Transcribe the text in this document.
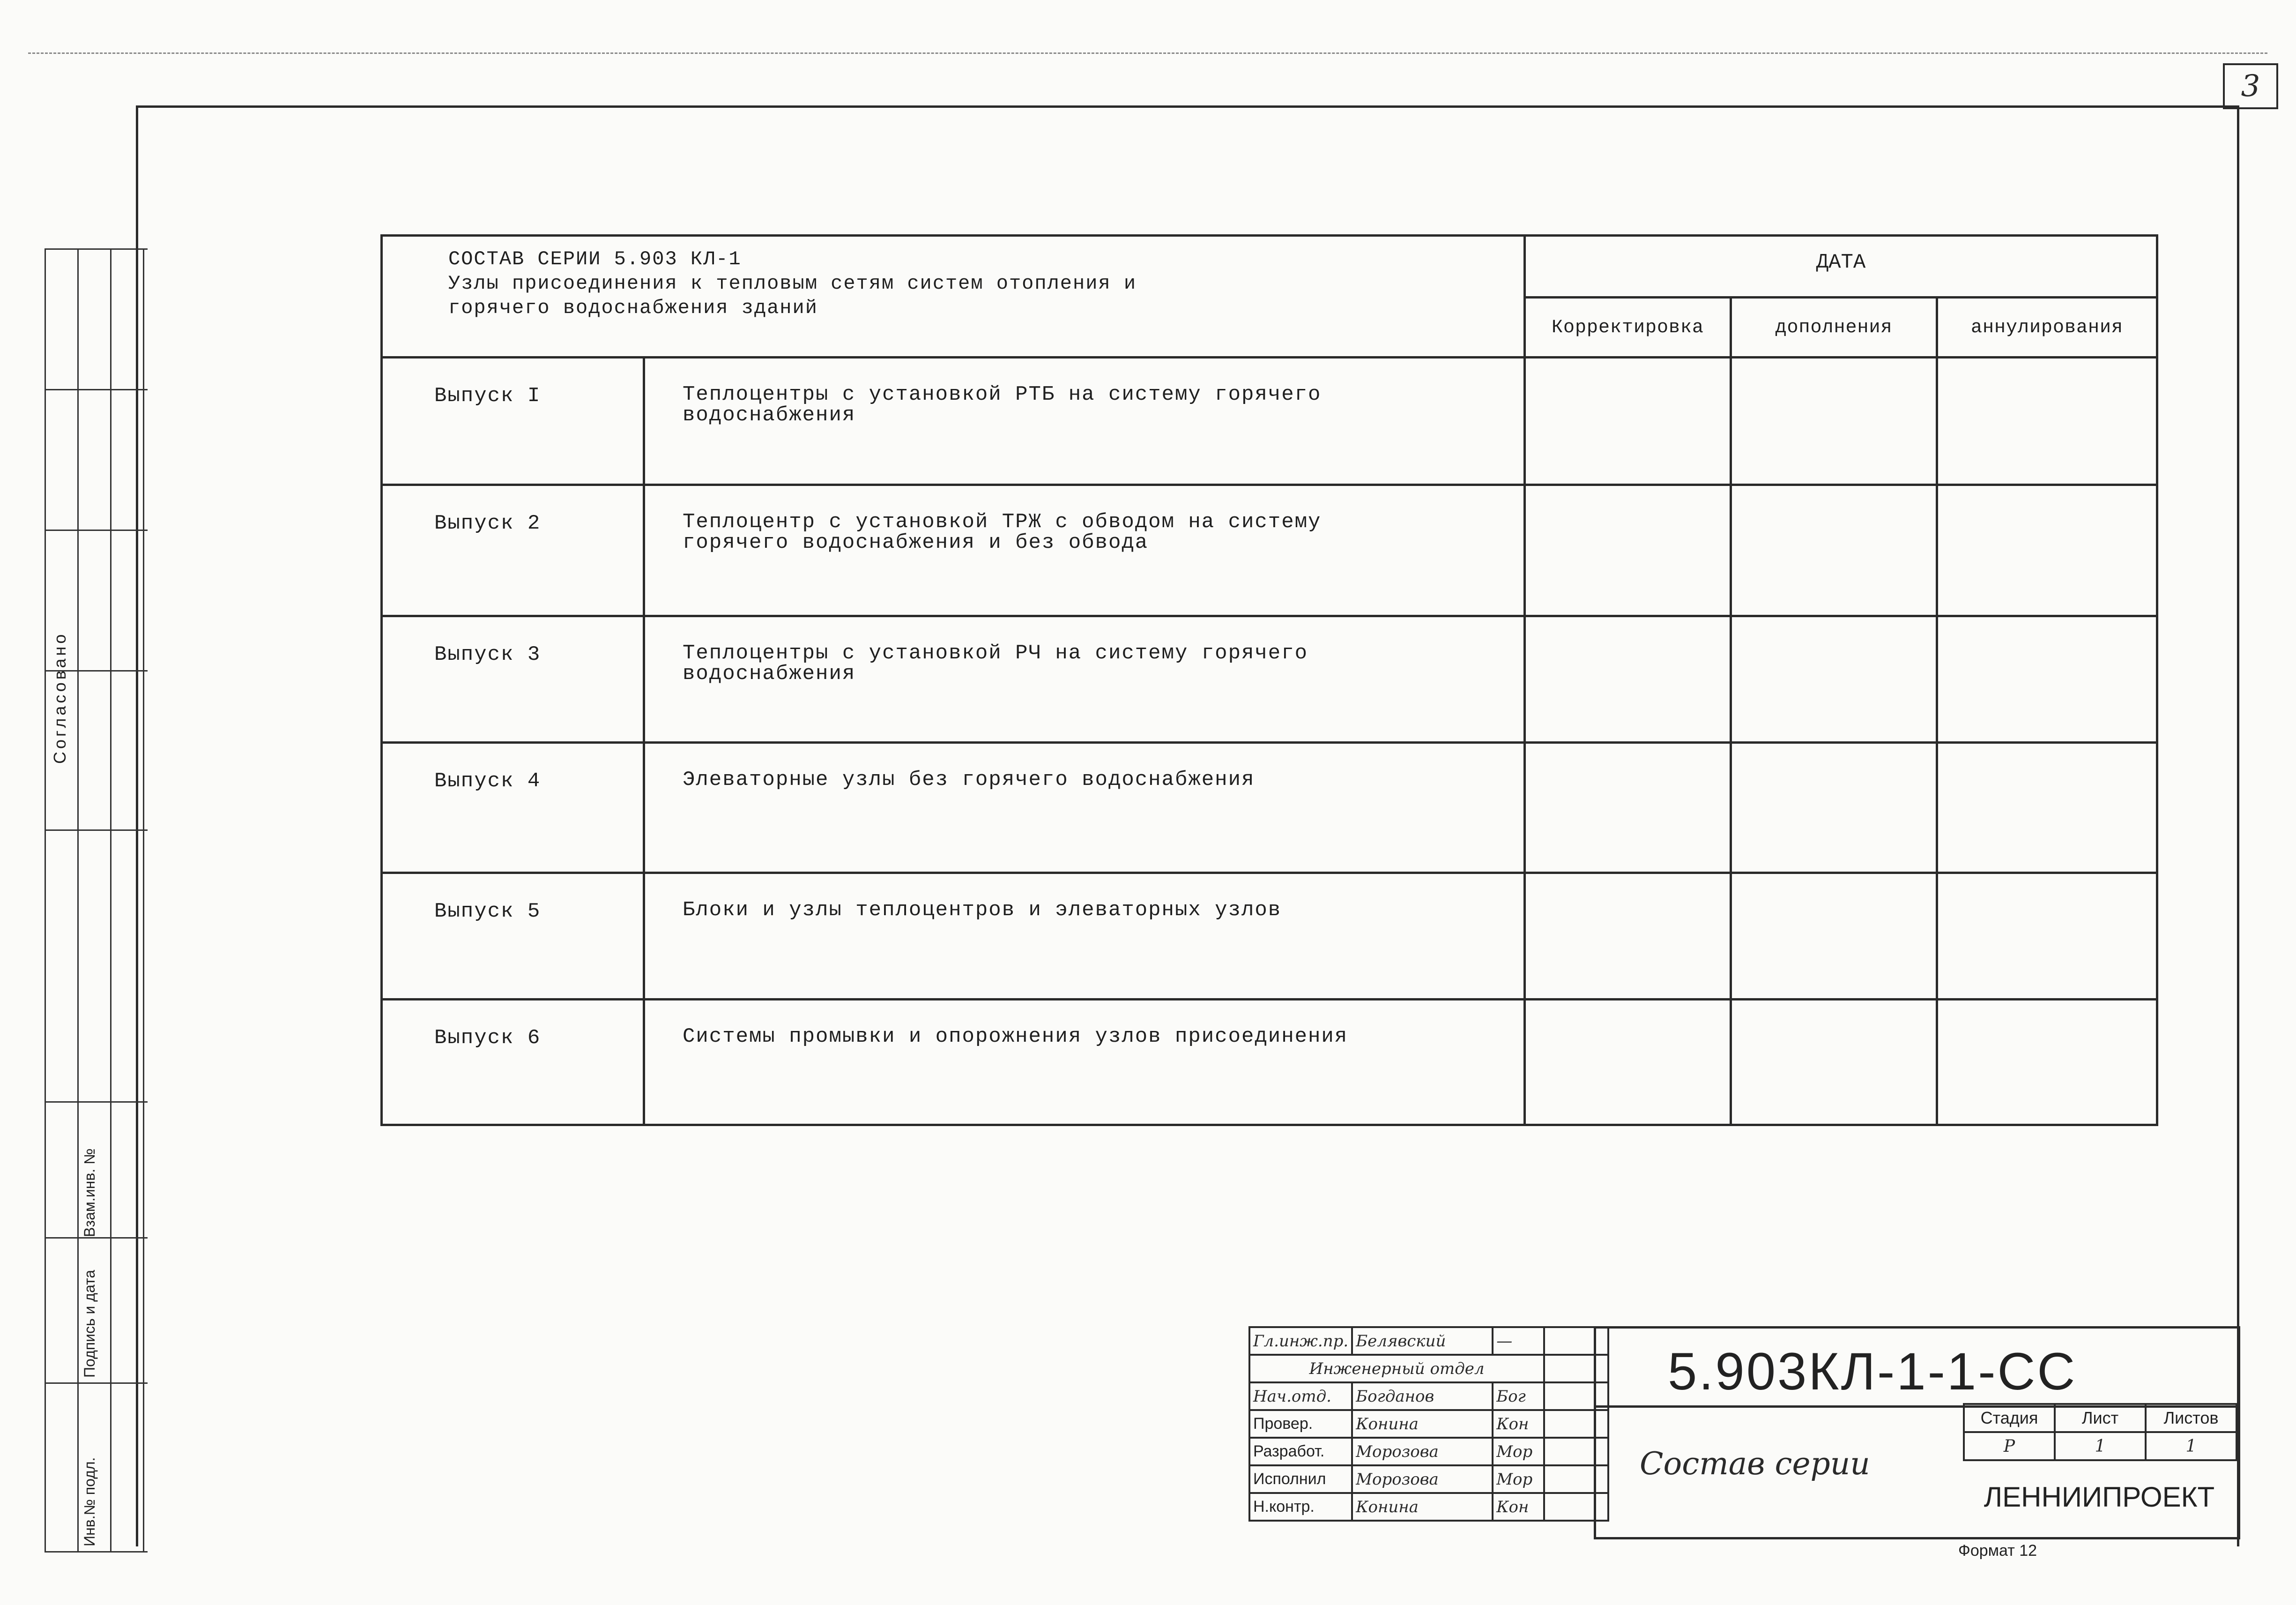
3
Согласовано
Взам.инв. №
Подпись и дата
Инв.№ подл.
СОСТАВ СЕРИИ 5.903 КЛ-1
Узлы присоединения к тепловым сетям систем отопления и
горячего водоснабжения зданий		ДАТА		
		Корректировка	дополнения	аннулирования
Выпуск I	Теплоцентры с установкой РТБ на систему горячего
водоснабжения			

Выпуск 2	Теплоцентр с установкой ТРЖ с обводом на систему
горячего водоснабжения и без обвода			

Выпуск 3	Теплоцентры с установкой РЧ на систему горячего
водоснабжения			

Выпуск 4	Элеваторные узлы без горячего водоснабжения			

Выпуск 5	Блоки и узлы теплоцентров и элеваторных узлов			

Выпуск 6	Системы промывки и опорожнения узлов присоединения			

Гл.инж.пр.	Белявский	—	
Инженерный отдел			
Нач.отд.	Богданов	Бог	
Провер.	Конина	Кон	
Разработ.	Морозова	Мор	
Исполнил	Морозова	Мор	
Н.контр.	Конина	Кон	
5.903КЛ-1-1-СС
Состав серии
Стадия	Лист	Листов
Р	1	1
ЛЕННИИПРОЕКТ
Формат 12
